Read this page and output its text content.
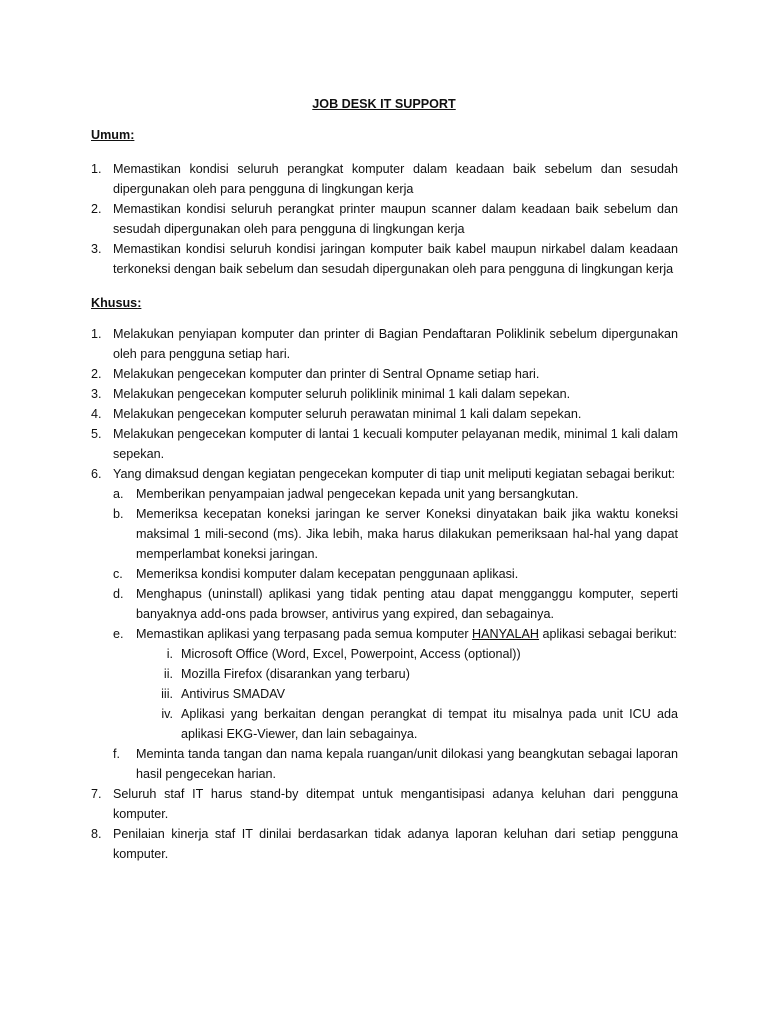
JOB DESK IT SUPPORT
Umum:
1. Memastikan kondisi seluruh perangkat komputer dalam keadaan baik sebelum dan sesudah dipergunakan oleh para pengguna di lingkungan kerja
2. Memastikan kondisi seluruh perangkat printer maupun scanner dalam keadaan baik sebelum dan sesudah dipergunakan oleh para pengguna di lingkungan kerja
3. Memastikan kondisi seluruh kondisi jaringan komputer baik kabel maupun nirkabel dalam keadaan terkoneksi dengan baik sebelum dan sesudah dipergunakan oleh para pengguna di lingkungan kerja
Khusus:
1. Melakukan penyiapan komputer dan printer di Bagian Pendaftaran Poliklinik sebelum dipergunakan oleh para pengguna setiap hari.
2. Melakukan pengecekan komputer dan printer di Sentral Opname setiap hari.
3. Melakukan pengecekan komputer seluruh poliklinik minimal 1 kali dalam sepekan.
4. Melakukan pengecekan komputer seluruh perawatan minimal 1 kali dalam sepekan.
5. Melakukan pengecekan komputer di lantai 1 kecuali komputer pelayanan medik, minimal 1 kali dalam sepekan.
6. Yang dimaksud dengan kegiatan pengecekan komputer di tiap unit meliputi kegiatan sebagai berikut:
a. Memberikan penyampaian jadwal pengecekan kepada unit yang bersangkutan.
b. Memeriksa kecepatan koneksi jaringan ke server Koneksi dinyatakan baik jika waktu koneksi maksimal 1 mili-second (ms). Jika lebih, maka harus dilakukan pemeriksaan hal-hal yang dapat memperlambat koneksi jaringan.
c. Memeriksa kondisi komputer dalam kecepatan penggunaan aplikasi.
d. Menghapus (uninstall) aplikasi yang tidak penting atau dapat mengganggu komputer, seperti banyaknya add-ons pada browser, antivirus yang expired, dan sebagainya.
e. Memastikan aplikasi yang terpasang pada semua komputer HANYALAH aplikasi sebagai berikut:
i. Microsoft Office (Word, Excel, Powerpoint, Access (optional))
ii. Mozilla Firefox (disarankan yang terbaru)
iii. Antivirus SMADAV
iv. Aplikasi yang berkaitan dengan perangkat di tempat itu misalnya pada unit ICU ada aplikasi EKG-Viewer, dan lain sebagainya.
f. Meminta tanda tangan dan nama kepala ruangan/unit dilokasi yang beangkutan sebagai laporan hasil pengecekan harian.
7. Seluruh staf IT harus stand-by ditempat untuk mengantisipasi adanya keluhan dari pengguna komputer.
8. Penilaian kinerja staf IT dinilai berdasarkan tidak adanya laporan keluhan dari setiap pengguna komputer.
